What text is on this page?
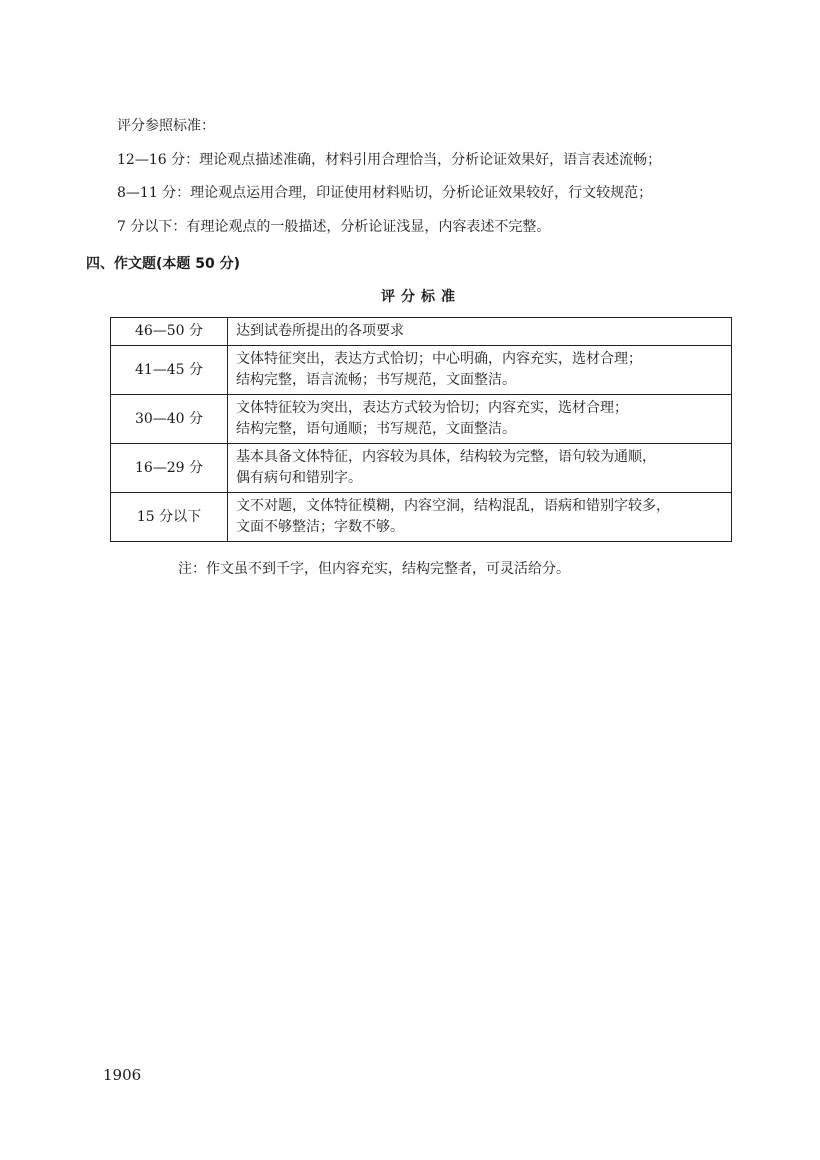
评分参照标准：
12—16 分：理论观点描述准确，材料引用合理恰当，分析论证效果好，语言表述流畅；
8—11 分：理论观点运用合理，印证使用材料贴切，分析论证效果较好，行文较规范；
7 分以下：有理论观点的一般描述，分析论证浅显，内容表述不完整。
四、作文题(本题 50 分)
评分标准
46—50 分	达到试卷所提出的各项要求

41—45 分	文体特征突出，表达方式恰切；中心明确，内容充实，选材合理；
结构完整，语言流畅；书写规范，文面整洁。

30—40 分	文体特征较为突出，表达方式较为恰切；内容充实，选材合理；
结构完整，语句通顺；书写规范，文面整洁。

16—29 分	基本具备文体特征，内容较为具体，结构较为完整，语句较为通顺，
偶有病句和错别字。

15 分以下	文不对题，文体特征模糊，内容空洞，结构混乱，语病和错别字较多，
文面不够整洁；字数不够。
注：作文虽不到千字，但内容充实，结构完整者，可灵活给分。
1906
